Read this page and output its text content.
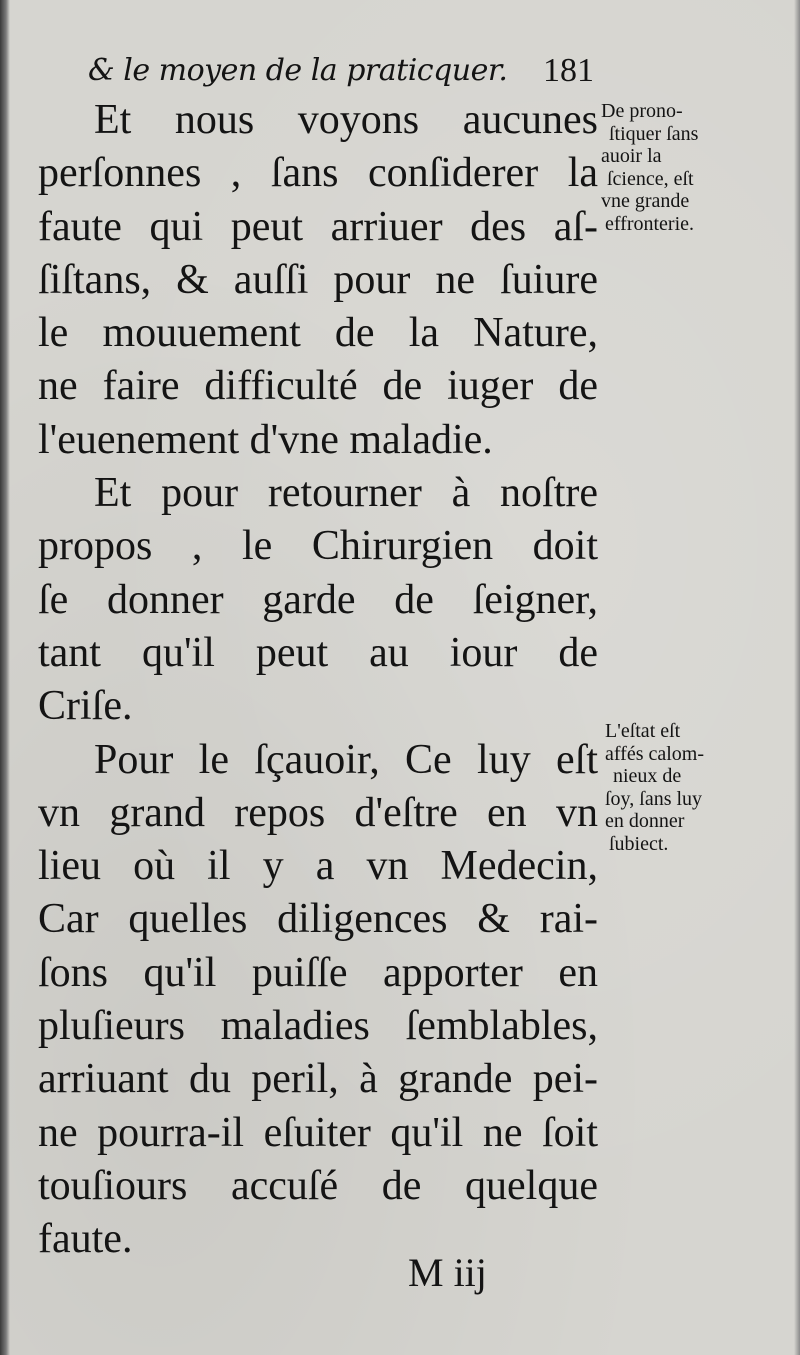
& le moyen de la praticquer. 181
Et nous voyons aucunes
perſonnes , ſans conſiderer la
faute qui peut arriuer des aſ-
ſiſtans, & auſſi pour ne ſuiure
le mouuement de la Nature,
ne faire difficulté de iuger de
l'euenement d'vne maladie.
Et pour retourner à noſtre
propos , le Chirurgien doit
ſe donner garde de ſeigner,
tant qu'il peut au iour de
Criſe.
Pour le ſçauoir, Ce luy eſt
vn grand repos d'eſtre en vn
lieu où il y a vn Medecin,
Car quelles diligences & rai-
ſons qu'il puiſſe apporter en
pluſieurs maladies ſemblables,
arriuant du peril, à grande pei-
ne pourra-il eſuiter qu'il ne ſoit
touſiours accuſé de quelque
faute.
De prono-
ſtiquer ſans
auoir la
ſcience, eſt
vne grande
effronterie.
L'eſtat eſt
affés calom-
nieux de
ſoy, ſans luy
en donner
ſubiect.
M iij
